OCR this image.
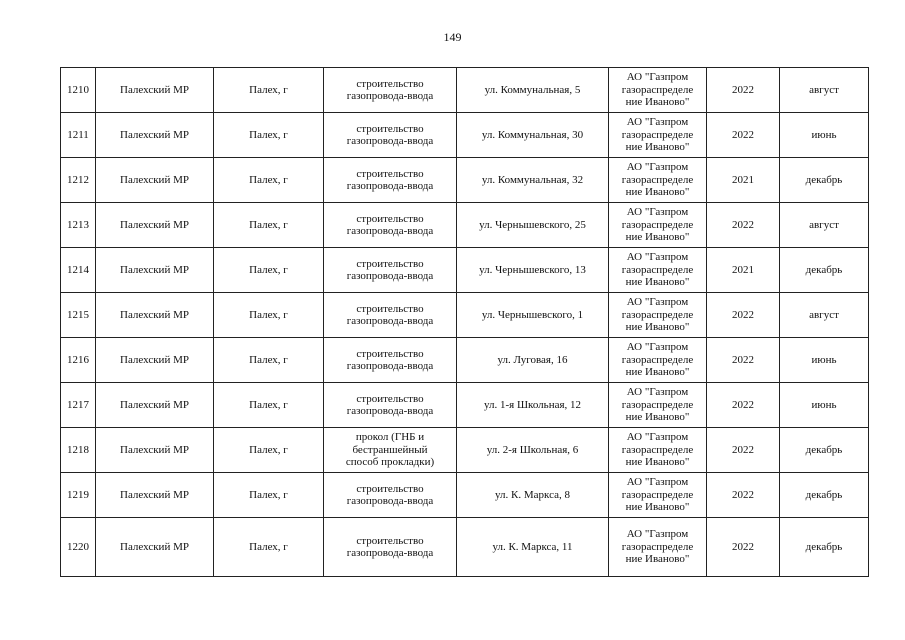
149
1210	Палехский МР	Палех, г	строительство
газопровода-ввода	ул. Коммунальная, 5	АО "Газпром
газораспределе
ние Иваново"	2022	август
1211	Палехский МР	Палех, г	строительство
газопровода-ввода	ул. Коммунальная, 30	АО "Газпром
газораспределе
ние Иваново"	2022	июнь
1212	Палехский МР	Палех, г	строительство
газопровода-ввода	ул. Коммунальная, 32	АО "Газпром
газораспределе
ние Иваново"	2021	декабрь
1213	Палехский МР	Палех, г	строительство
газопровода-ввода	ул. Чернышевского, 25	АО "Газпром
газораспределе
ние Иваново"	2022	август
1214	Палехский МР	Палех, г	строительство
газопровода-ввода	ул. Чернышевского, 13	АО "Газпром
газораспределе
ние Иваново"	2021	декабрь
1215	Палехский МР	Палех, г	строительство
газопровода-ввода	ул. Чернышевского, 1	АО "Газпром
газораспределе
ние Иваново"	2022	август
1216	Палехский МР	Палех, г	строительство
газопровода-ввода	ул. Луговая, 16	АО "Газпром
газораспределе
ние Иваново"	2022	июнь
1217	Палехский МР	Палех, г	строительство
газопровода-ввода	ул. 1-я Школьная, 12	АО "Газпром
газораспределе
ние Иваново"	2022	июнь
1218	Палехский МР	Палех, г	прокол (ГНБ и
бестраншейный
способ прокладки)	ул. 2-я Школьная, 6	АО "Газпром
газораспределе
ние Иваново"	2022	декабрь
1219	Палехский МР	Палех, г	строительство
газопровода-ввода	ул. К. Маркса, 8	АО "Газпром
газораспределе
ние Иваново"	2022	декабрь
1220	Палехский МР	Палех, г	строительство
газопровода-ввода	ул. К. Маркса, 11	АО "Газпром
газораспределе
ние Иваново"	2022	декабрь
